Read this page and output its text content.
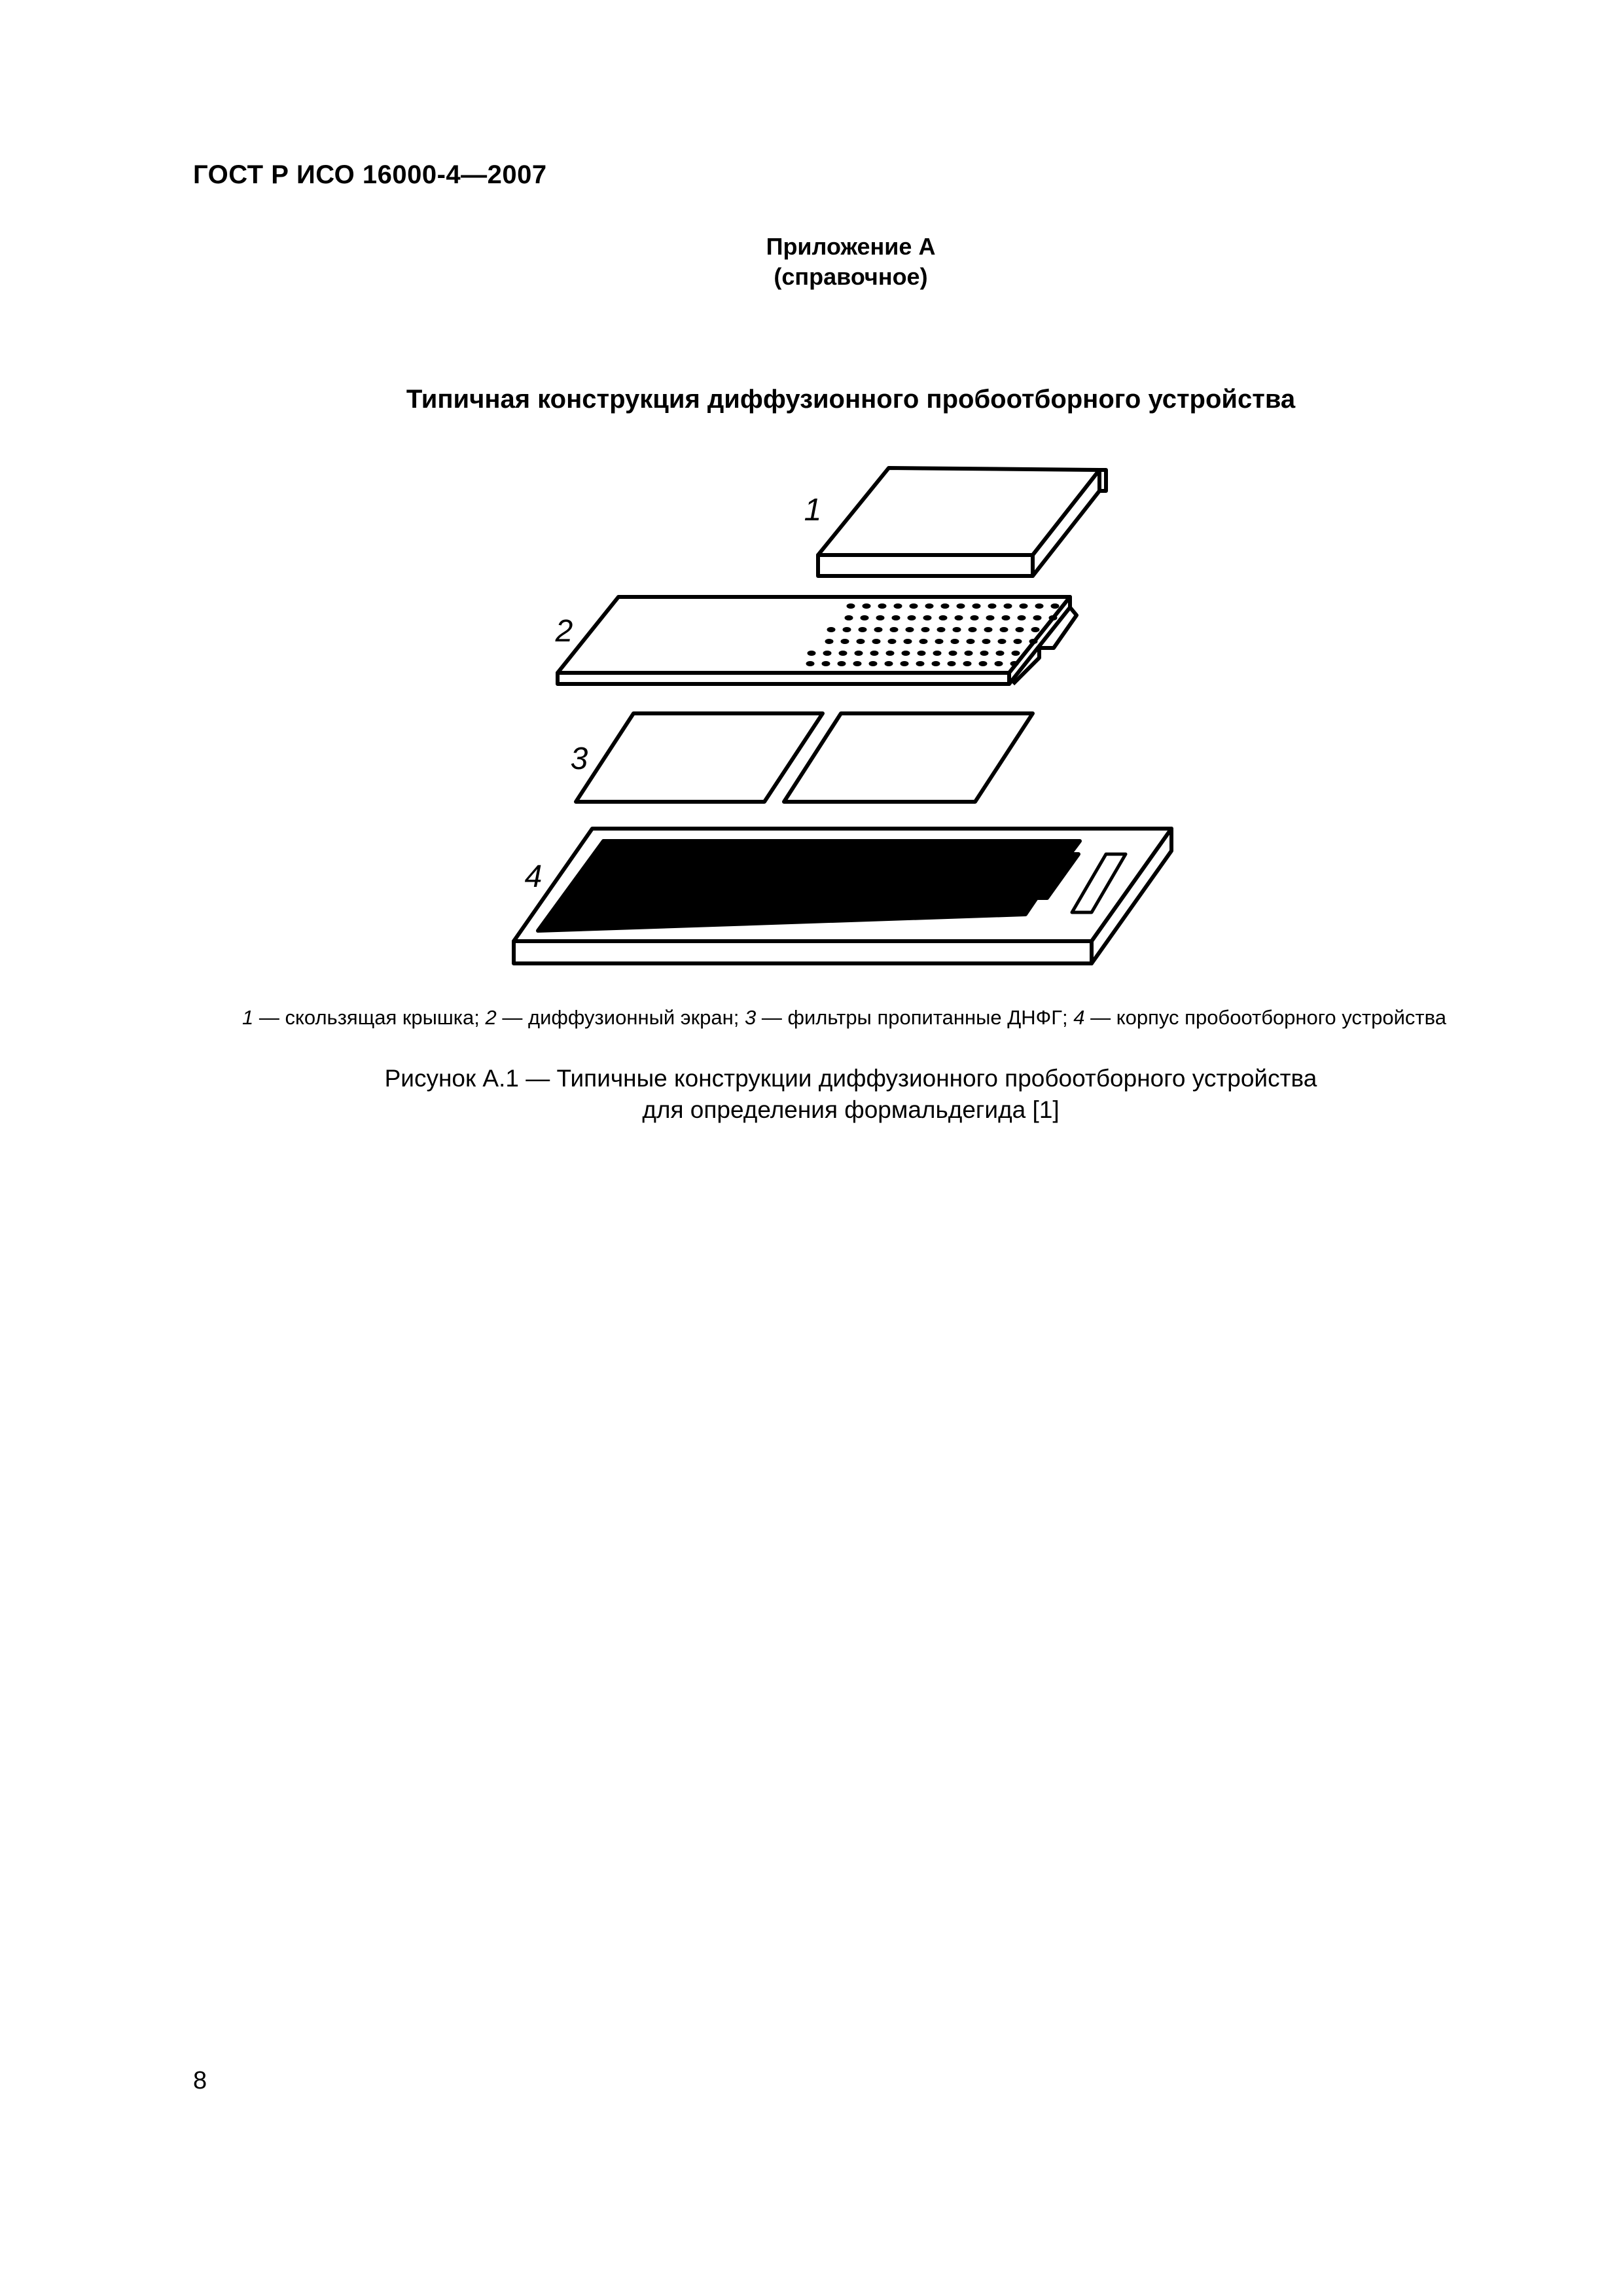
ГОСТ Р ИСО 16000-4—2007
Приложение А
(справочное)
Типичная конструкция диффузионного пробоотборного устройства
1
2
3
4
1 — скользящая крышка; 2 — диффузионный экран; 3 — фильтры пропитанные ДНФГ; 4 — корпус пробоотборного устройства
Рисунок А.1 — Типичные конструкции диффузионного пробоотборного устройства
для определения формальдегида [1]
8
